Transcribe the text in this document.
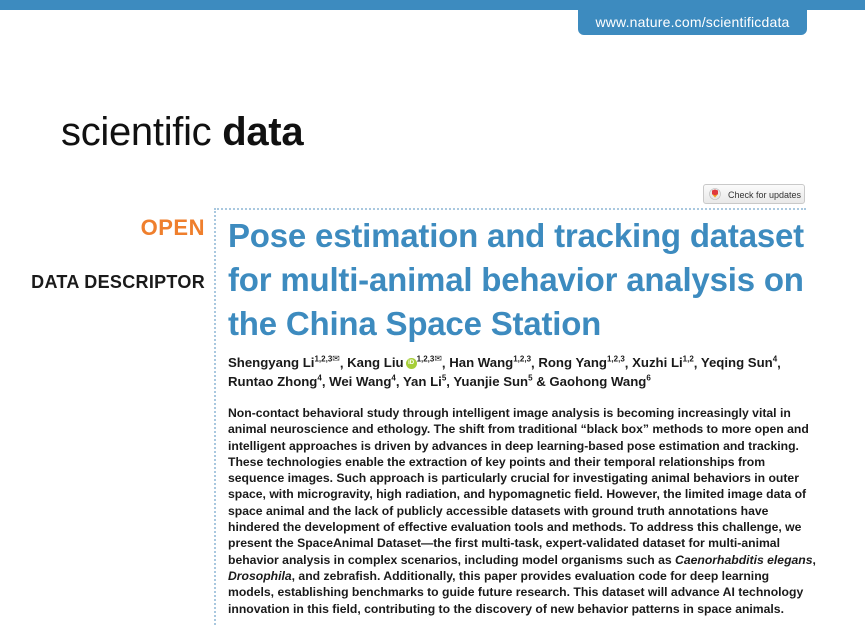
www.nature.com/scientificdata
scientific data
Check for updates
OPEN
DATA DESCRIPTOR
Pose estimation and tracking dataset for multi-animal behavior analysis on the China Space Station
Shengyang $Li^{1,2,3✉}$, Kang Liu iD $^{1,2,3✉}$, Han Wang$^{1,2,3}$, Rong Yang$^{1,2,3}$, Xuzhi Li$^{1,2}$, Yeqing Sun$^4$, Runtao Zhong$^4$, Wei Wang$^4$, Yan Li$^5$, Yuanjie Sun$^5$ & Gaohong Wang$^6$

Non-contact behavioral study through intelligent image analysis is becoming increasingly vital in animal neuroscience and ethology. The shift from traditional “black box” methods to more open and intelligent approaches is driven by advances in deep learning-based pose estimation and tracking. These technologies enable the extraction of key points and their temporal relationships from sequence images. Such approach is particularly crucial for investigating animal behaviors in outer space, with microgravity, high radiation, and hypomagnetic field. However, the limited image data of space animal and the lack of publicly accessible datasets with ground truth annotations have hindered the development of effective evaluation tools and methods. To address this challenge, we present the SpaceAnimal Dataset—the first multi-task, expert-validated dataset for multi-animal behavior analysis in complex scenarios, including model organisms such as Caenorhabditis elegans, Drosophila, and zebrafish. Additionally, this paper provides evaluation code for deep learning models, establishing benchmarks to guide future research. This dataset will advance AI technology innovation in this field, contributing to the discovery of new behavior patterns in space animals.
